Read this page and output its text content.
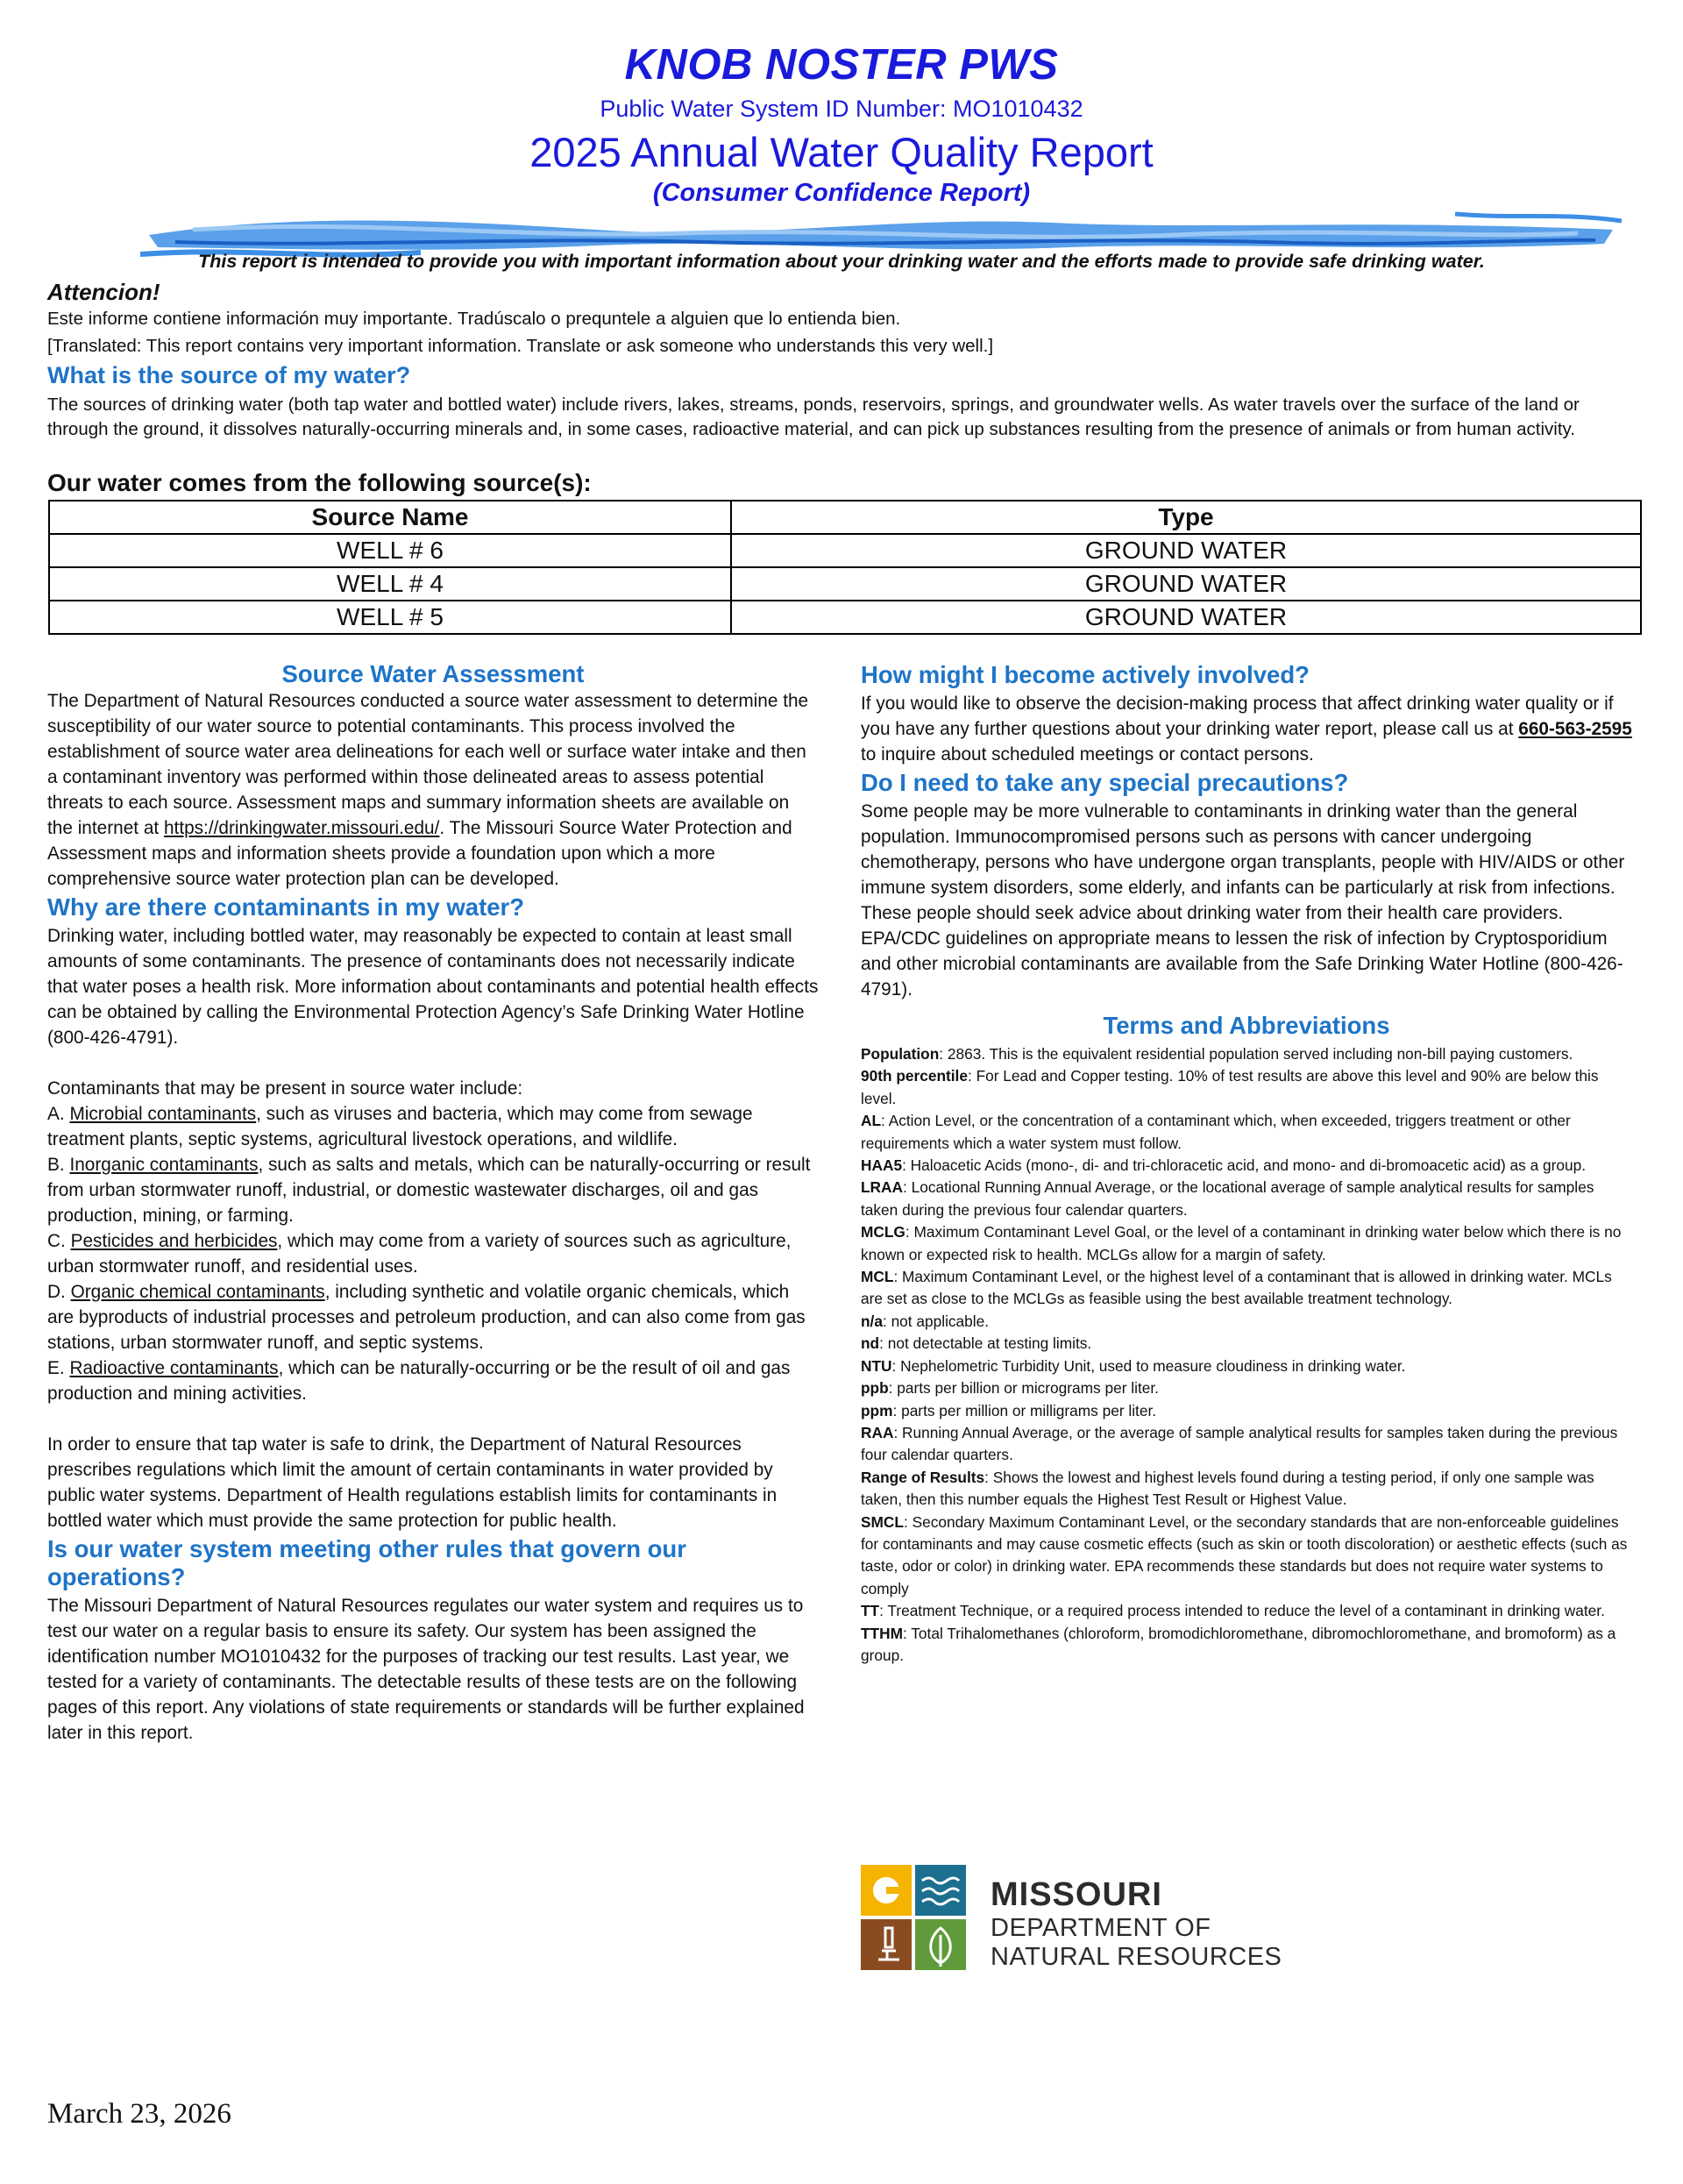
KNOB NOSTER PWS
Public Water System ID Number: MO1010432
2025 Annual Water Quality Report
(Consumer Confidence Report)
This report is intended to provide you with important information about your drinking water and the efforts made to provide safe drinking water.
Attencion!
Este informe contiene información muy importante. Tradúscalo o prequntele a alguien que lo entienda bien.
[Translated: This report contains very important information. Translate or ask someone who understands this very well.]
What is the source of my water?
The sources of drinking water (both tap water and bottled water) include rivers, lakes, streams, ponds, reservoirs, springs, and groundwater wells. As water travels over the surface of the land or through the ground, it dissolves naturally-occurring minerals and, in some cases, radioactive material, and can pick up substances resulting from the presence of animals or from human activity.
Our water comes from the following source(s):
Source Name	Type
WELL # 6	GROUND WATER
WELL # 4	GROUND WATER
WELL # 5	GROUND WATER
Source Water Assessment

The Department of Natural Resources conducted a source water assessment to determine the susceptibility of our water source to potential contaminants. This process involved the establishment of source water area delineations for each well or surface water intake and then a contaminant inventory was performed within those delineated areas to assess potential threats to each source. Assessment maps and summary information sheets are available on the internet at https://drinkingwater.missouri.edu/. The Missouri Source Water Protection and Assessment maps and information sheets provide a foundation upon which a more comprehensive source water protection plan can be developed.

Why are there contaminants in my water?

Drinking water, including bottled water, may reasonably be expected to contain at least small amounts of some contaminants. The presence of contaminants does not necessarily indicate that water poses a health risk. More information about contaminants and potential health effects can be obtained by calling the Environmental Protection Agency’s Safe Drinking Water Hotline (800-426-4791).

Contaminants that may be present in source water include:

A. Microbial contaminants, such as viruses and bacteria, which may come from sewage treatment plants, septic systems, agricultural livestock operations, and wildlife.

B. Inorganic contaminants, such as salts and metals, which can be naturally-occurring or result from urban stormwater runoff, industrial, or domestic wastewater discharges, oil and gas production, mining, or farming.

C. Pesticides and herbicides, which may come from a variety of sources such as agriculture, urban stormwater runoff, and residential uses.

D. Organic chemical contaminants, including synthetic and volatile organic chemicals, which are byproducts of industrial processes and petroleum production, and can also come from gas stations, urban stormwater runoff, and septic systems.

E. Radioactive contaminants, which can be naturally-occurring or be the result of oil and gas production and mining activities.

In order to ensure that tap water is safe to drink, the Department of Natural Resources prescribes regulations which limit the amount of certain contaminants in water provided by public water systems. Department of Health regulations establish limits for contaminants in bottled water which must provide the same protection for public health.

Is our water system meeting other rules that govern our operations?

The Missouri Department of Natural Resources regulates our water system and requires us to test our water on a regular basis to ensure its safety. Our system has been assigned the identification number MO1010432 for the purposes of tracking our test results. Last year, we tested for a variety of contaminants. The detectable results of these tests are on the following pages of this report. Any violations of state requirements or standards will be further explained later in this report.

How might I become actively involved?

If you would like to observe the decision-making process that affect drinking water quality or if you have any further questions about your drinking water report, please call us at 660-563-2595 to inquire about scheduled meetings or contact persons.

Do I need to take any special precautions?

Some people may be more vulnerable to contaminants in drinking water than the general population. Immunocompromised persons such as persons with cancer undergoing chemotherapy, persons who have undergone organ transplants, people with HIV/AIDS or other immune system disorders, some elderly, and infants can be particularly at risk from infections. These people should seek advice about drinking water from their health care providers. EPA/CDC guidelines on appropriate means to lessen the risk of infection by Cryptosporidium and other microbial contaminants are available from the Safe Drinking Water Hotline (800-426-4791).

Terms and Abbreviations

Population: 2863. This is the equivalent residential population served including non-bill paying customers.

90th percentile: For Lead and Copper testing. 10% of test results are above this level and 90% are below this level.

AL: Action Level, or the concentration of a contaminant which, when exceeded, triggers treatment or other requirements which a water system must follow.

HAA5: Haloacetic Acids (mono-, di- and tri-chloracetic acid, and mono- and di-bromoacetic acid) as a group.

LRAA: Locational Running Annual Average, or the locational average of sample analytical results for samples taken during the previous four calendar quarters.

MCLG: Maximum Contaminant Level Goal, or the level of a contaminant in drinking water below which there is no known or expected risk to health. MCLGs allow for a margin of safety.

MCL: Maximum Contaminant Level, or the highest level of a contaminant that is allowed in drinking water. MCLs are set as close to the MCLGs as feasible using the best available treatment technology.

n/a: not applicable.

nd: not detectable at testing limits.

NTU: Nephelometric Turbidity Unit, used to measure cloudiness in drinking water.

ppb: parts per billion or micrograms per liter.

ppm: parts per million or milligrams per liter.

RAA: Running Annual Average, or the average of sample analytical results for samples taken during the previous four calendar quarters.

Range of Results: Shows the lowest and highest levels found during a testing period, if only one sample was taken, then this number equals the Highest Test Result or Highest Value.

SMCL: Secondary Maximum Contaminant Level, or the secondary standards that are non-enforceable guidelines for contaminants and may cause cosmetic effects (such as skin or tooth discoloration) or aesthetic effects (such as taste, odor or color) in drinking water. EPA recommends these standards but does not require water systems to comply

TT: Treatment Technique, or a required process intended to reduce the level of a contaminant in drinking water.

TTHM: Total Trihalomethanes (chloroform, bromodichloromethane, dibromochloromethane, and bromoform) as a group.

MISSOURI
DEPARTMENT OF
NATURAL RESOURCES
March 23, 2026
